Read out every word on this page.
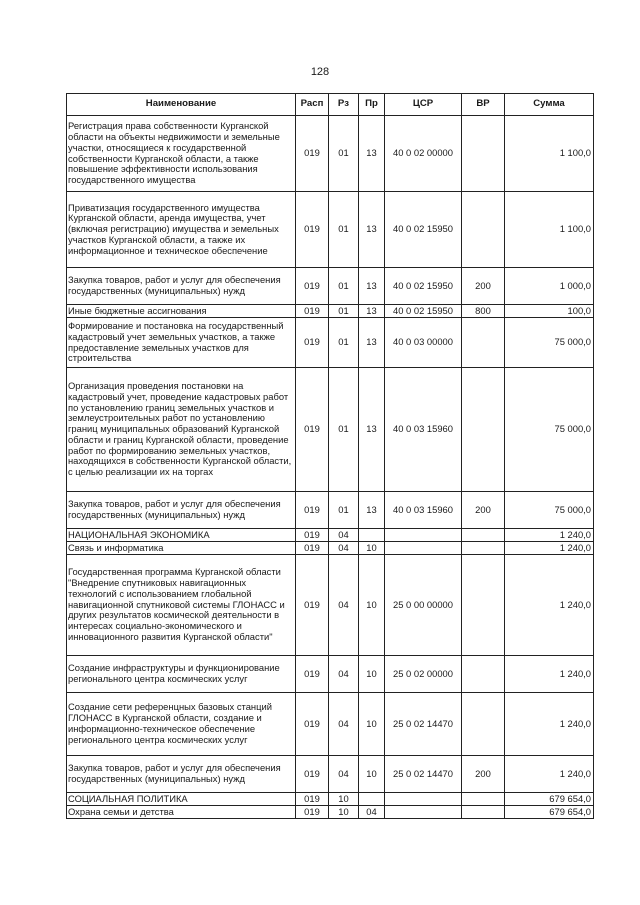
128
Наименование	Расп	Рз	Пр	ЦСР	ВР	Сумма
Регистрация права собственности Курганской области на объекты недвижимости и земельные участки, относящиеся к государственной собственности Курганской области, а также повышение эффективности использования государственного имущества	019	01	13	40 0 02 00000		1 100,0
Приватизация государственного имущества Курганской области, аренда имущества, учет (включая регистрацию) имущества и земельных участков Курганской области, а также их информационное и техническое обеспечение	019	01	13	40 0 02 15950		1 100,0
Закупка товаров, работ и услуг для обеспечения государственных (муниципальных) нужд	019	01	13	40 0 02 15950	200	1 000,0
Иные бюджетные ассигнования	019	01	13	40 0 02 15950	800	100,0
Формирование и постановка на государственный кадастровый учет земельных участков, а также предоставление земельных участков для строительства	019	01	13	40 0 03 00000		75 000,0
Организация проведения постановки на кадастровый учет, проведение кадастровых работ по установлению границ земельных участков и землеустроительных работ по установлению границ муниципальных образований Курганской области и границ Курганской области, проведение работ по формированию земельных участков, находящихся в собственности Курганской области, с целью реализации их на торгах	019	01	13	40 0 03 15960		75 000,0
Закупка товаров, работ и услуг для обеспечения государственных (муниципальных) нужд	019	01	13	40 0 03 15960	200	75 000,0
НАЦИОНАЛЬНАЯ ЭКОНОМИКА	019	04				1 240,0
Связь и информатика	019	04	10			1 240,0
Государственная программа Курганской области "Внедрение спутниковых навигационных технологий с использованием глобальной навигационной спутниковой системы ГЛОНАСС и других результатов космической деятельности в интересах социально-экономического и инновационного развития Курганской области"	019	04	10	25 0 00 00000		1 240,0
Создание инфраструктуры и функционирование регионального центра космических услуг	019	04	10	25 0 02 00000		1 240,0
Создание сети референцных базовых станций ГЛОНАСС в Курганской области, создание и информационно-техническое обеспечение регионального центра космических услуг	019	04	10	25 0 02 14470		1 240,0
Закупка товаров, работ и услуг для обеспечения государственных (муниципальных) нужд	019	04	10	25 0 02 14470	200	1 240,0
СОЦИАЛЬНАЯ ПОЛИТИКА	019	10				679 654,0
Охрана семьи и детства	019	10	04			679 654,0
